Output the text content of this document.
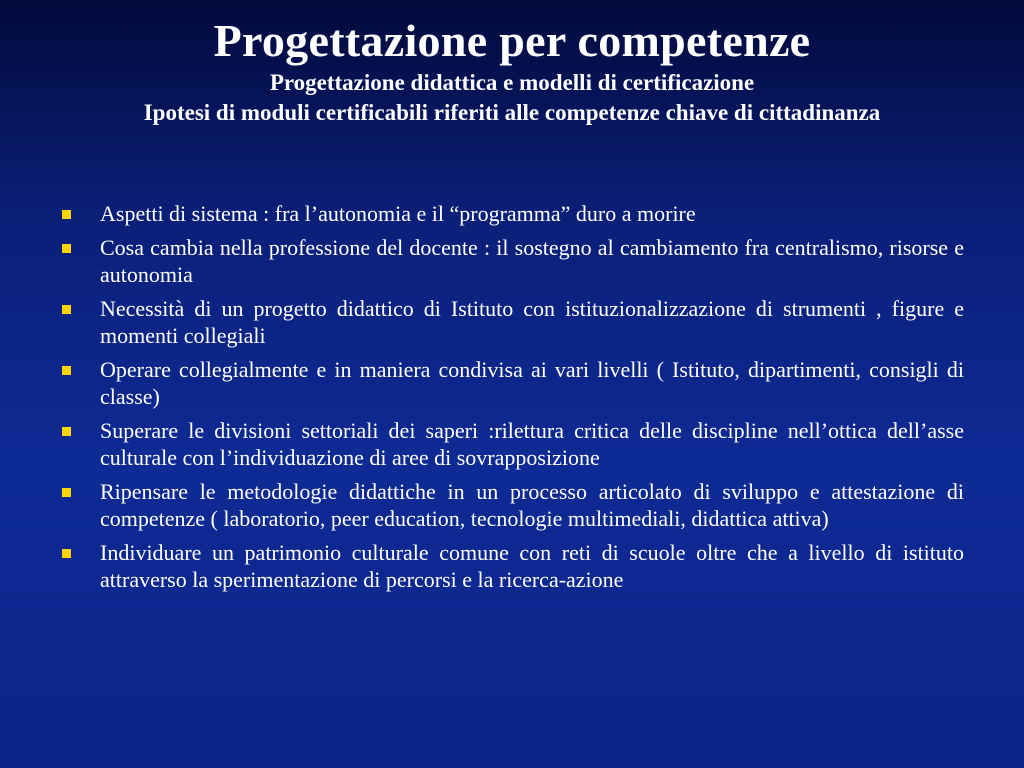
Progettazione per competenze

Progettazione didattica e modelli di certificazione

Ipotesi di moduli certificabili riferiti alle competenze chiave di cittadinanza

Aspetti di sistema : fra l’autonomia e il “programma” duro a morire
Cosa cambia nella professione del docente : il sostegno al cambiamento fra centralismo, risorse e autonomia
Necessità di un progetto didattico di Istituto con istituzionalizzazione di strumenti , figure e momenti collegiali
Operare collegialmente e in maniera condivisa ai vari livelli ( Istituto, dipartimenti, consigli di classe)
Superare le divisioni settoriali dei saperi :rilettura critica delle discipline nell’ottica dell’asse culturale con l’individuazione di aree di sovrapposizione
Ripensare le metodologie didattiche in un processo articolato di sviluppo e attestazione di competenze ( laboratorio, peer education, tecnologie multimediali, didattica attiva)
Individuare un patrimonio culturale comune con reti di scuole oltre che a livello di istituto attraverso la sperimentazione di percorsi e la ricerca-azione
